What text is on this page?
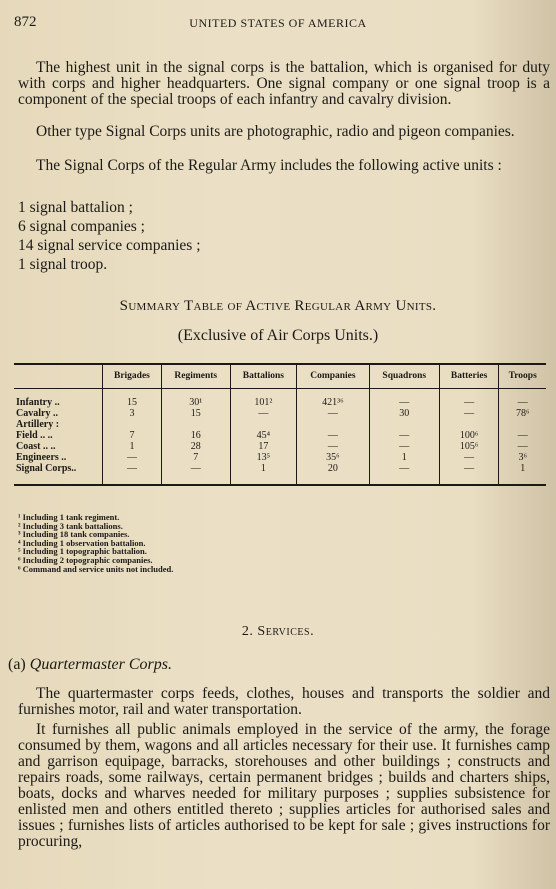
872	UNITED STATES OF AMERICA

The highest unit in the signal corps is the battalion, which is organised for duty with corps and higher headquarters. One signal company or one signal troop is a component of the special troops of each infantry and cavalry division.

Other type Signal Corps units are photographic, radio and pigeon companies.

The Signal Corps of the Regular Army includes the following active units :

1 signal battalion ;
6 signal companies ;
14 signal service companies ;
1 signal troop.
Summary Table of Active Regular Army Units.
(Exclusive of Air Corps Units.)
	Brigades	Regiments	Battalions	Companies	Squadrons	Batteries	Troops
Infantry ..	15	30¹	101²	421³⁶	—	—	—
Cavalry ..	3	15	—	—	30	—	78⁶
Artillery :							
Field .. ..	7	16	45⁴	—	—	100⁶	—
Coast .. ..	1	28	17	—	—	105⁶	—
Engineers ..	—	7	13⁵	35⁶	1	—	3⁶
Signal Corps..	—	—	1	20	—	—	1
¹ Including 1 tank regiment.
² Including 3 tank battalions.
³ Including 18 tank companies.
⁴ Including 1 observation battalion.
⁵ Including 1 topographic battalion.
⁶ Including 2 topographic companies.
⁶ Command and service units not included.
2. Services.

(a) Quartermaster Corps.

The quartermaster corps feeds, clothes, houses and transports the soldier and furnishes motor, rail and water transportation.

It furnishes all public animals employed in the service of the army, the forage consumed by them, wagons and all articles necessary for their use. It furnishes camp and garrison equipage, barracks, storehouses and other buildings ; constructs and repairs roads, some railways, certain permanent bridges ; builds and charters ships, boats, docks and wharves needed for military purposes ; supplies subsistence for enlisted men and others entitled thereto ; supplies articles for authorised sales and issues ; furnishes lists of articles authorised to be kept for sale ; gives instructions for procuring,
